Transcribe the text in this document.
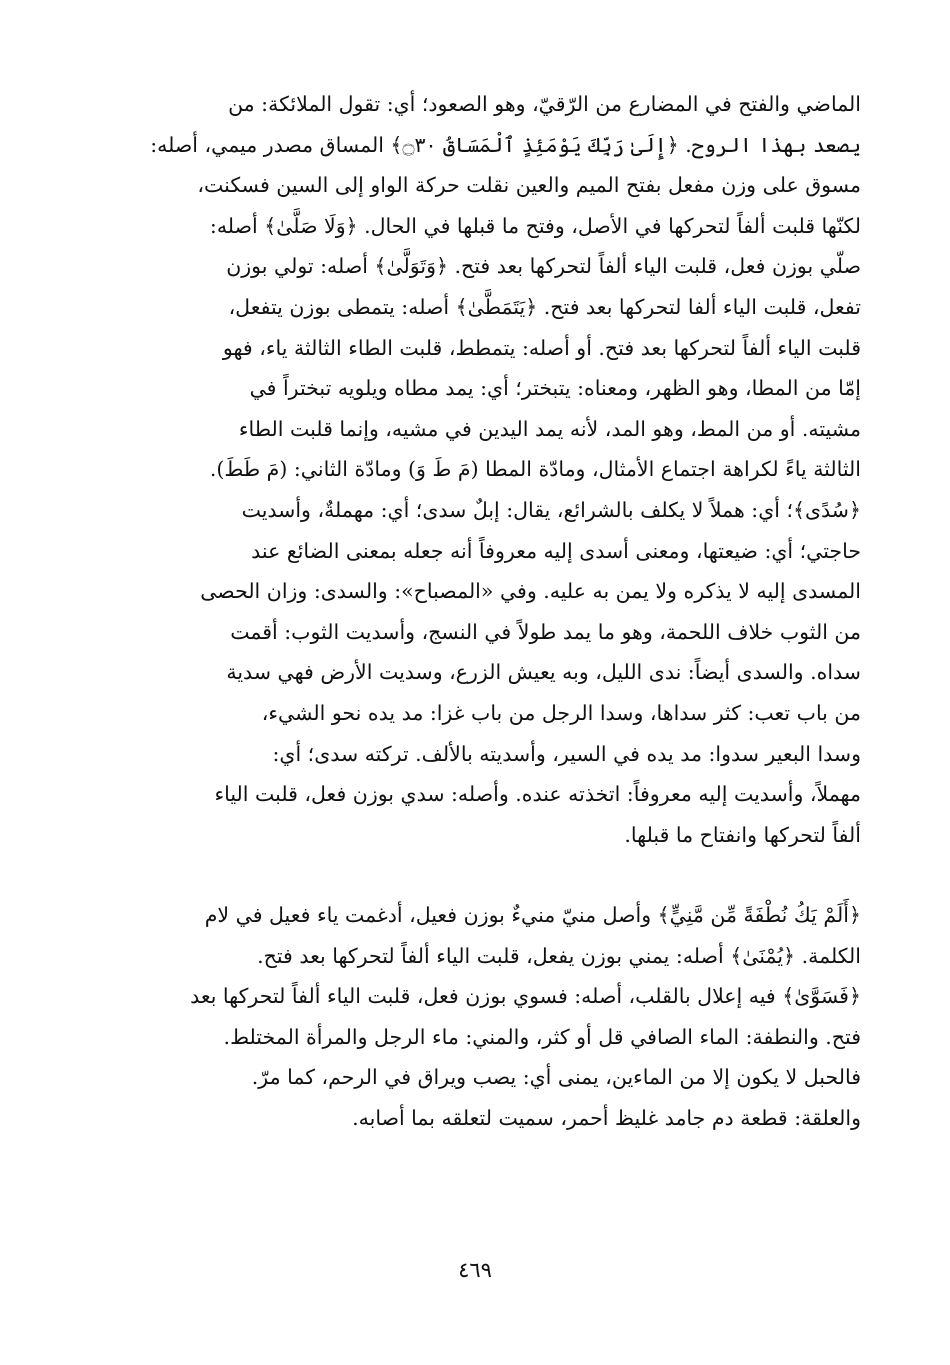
الماضي والفتح في المضارع من الرّقيّ، وهو الصعود؛ أي: تقول الملائكة: من
يصعد بهذا الروح. ﴿إِلَىٰ رَبِّكَ يَوْمَئِذٍ ٱلْمَسَاقُ ۝٣٠﴾ المساق مصدر ميمي، أصله:
مسوق على وزن مفعل بفتح الميم والعين نقلت حركة الواو إلى السين فسكنت،
لكنّها قلبت ألفاً لتحركها في الأصل، وفتح ما قبلها في الحال. ﴿وَلَا صَلَّىٰ﴾ أصله:
صلّي بوزن فعل، قلبت الياء ألفاً لتحركها بعد فتح. ﴿وَتَوَلَّىٰ﴾ أصله: تولي بوزن
تفعل، قلبت الياء ألفا لتحركها بعد فتح. ﴿يَتَمَطَّىٰ﴾ أصله: يتمطى بوزن يتفعل،
قلبت الياء ألفاً لتحركها بعد فتح. أو أصله: يتمطط، قلبت الطاء الثالثة ياء، فهو
إمّا من المطا، وهو الظهر، ومعناه: يتبختر؛ أي: يمد مطاه ويلويه تبختراً في
مشيته. أو من المط، وهو المد، لأنه يمد اليدين في مشيه، وإنما قلبت الطاء
الثالثة ياءً لكراهة اجتماع الأمثال، ومادّة المطا (مَ طَ وَ) ومادّة الثاني: (مَ طَطَ).
﴿سُدًى﴾؛ أي: هملاً لا يكلف بالشرائع، يقال: إبلٌ سدى؛ أي: مهملةٌ، وأسديت
حاجتي؛ أي: ضيعتها، ومعنى أسدى إليه معروفاً أنه جعله بمعنى الضائع عند
المسدى إليه لا يذكره ولا يمن به عليه. وفي «المصباح»: والسدى: وزان الحصى
من الثوب خلاف اللحمة، وهو ما يمد طولاً في النسج، وأسديت الثوب: أقمت
سداه. والسدى أيضاً: ندى الليل، وبه يعيش الزرع، وسديت الأرض فهي سدية
من باب تعب: كثر سداها، وسدا الرجل من باب غزا: مد يده نحو الشيء،
وسدا البعير سدوا: مد يده في السير، وأسديته بالألف. تركته سدى؛ أي:
مهملاً، وأسديت إليه معروفاً: اتخذته عنده. وأصله: سدي بوزن فعل، قلبت الياء
ألفاً لتحركها وانفتاح ما قبلها.
﴿أَلَمْ يَكُ نُطْفَةً مِّن مَّنِيٍّ﴾ وأصل منيّ منيءٌ بوزن فعيل، أدغمت ياء فعيل في لام
الكلمة. ﴿يُمْنَىٰ﴾ أصله: يمني بوزن يفعل، قلبت الياء ألفاً لتحركها بعد فتح.
﴿فَسَوَّىٰ﴾ فيه إعلال بالقلب، أصله: فسوي بوزن فعل، قلبت الياء ألفاً لتحركها بعد
فتح. والنطفة: الماء الصافي قل أو كثر، والمني: ماء الرجل والمرأة المختلط.
فالحبل لا يكون إلا من الماءين، يمنى أي: يصب ويراق في الرحم، كما مرّ.
والعلقة: قطعة دم جامد غليظ أحمر، سميت لتعلقه بما أصابه.
٤٦٩
